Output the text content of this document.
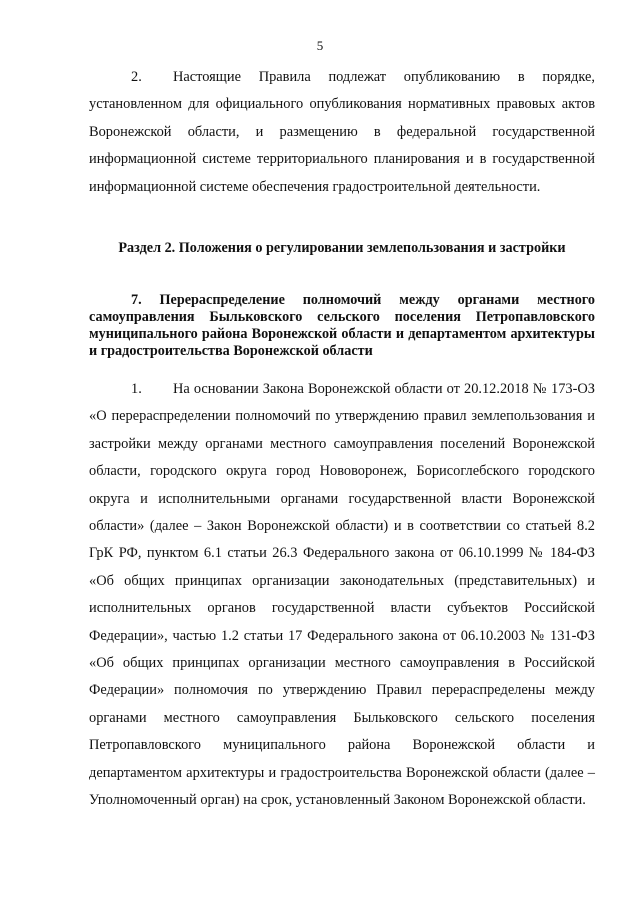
5

2. Настоящие Правила подлежат опубликованию в порядке, установленном для официального опубликования нормативных правовых актов Воронежской области, и размещению в федеральной государственной информационной системе территориального планирования и в государственной информационной системе обеспечения градостроительной деятельности.

Раздел 2. Положения о регулировании землепользования и застройки
7. Перераспределение полномочий между органами местного самоуправления Быльковского сельского поселения Петропавловского муниципального района Воронежской области и департаментом архитектуры и градостроительства Воронежской области

1. На основании Закона Воронежской области от 20.12.2018 № 173-ОЗ «О перераспределении полномочий по утверждению правил землепользования и застройки между органами местного самоуправления поселений Воронежской области, городского округа город Нововоронеж, Борисоглебского городского округа и исполнительными органами государственной власти Воронежской области» (далее – Закон Воронежской области) и в соответствии со статьей 8.2 ГрК РФ, пунктом 6.1 статьи 26.3 Федерального закона от 06.10.1999 № 184-ФЗ «Об общих принципах организации законодательных (представительных) и исполнительных органов государственной власти субъектов Российской Федерации», частью 1.2 статьи 17 Федерального закона от 06.10.2003 № 131-ФЗ «Об общих принципах организации местного самоуправления в Российской Федерации» полномочия по утверждению Правил перераспределены между органами местного самоуправления Быльковского сельского поселения Петропавловского муниципального района Воронежской области и департаментом архитектуры и градостроительства Воронежской области (далее – Уполномоченный орган) на срок, установленный Законом Воронежской области.
